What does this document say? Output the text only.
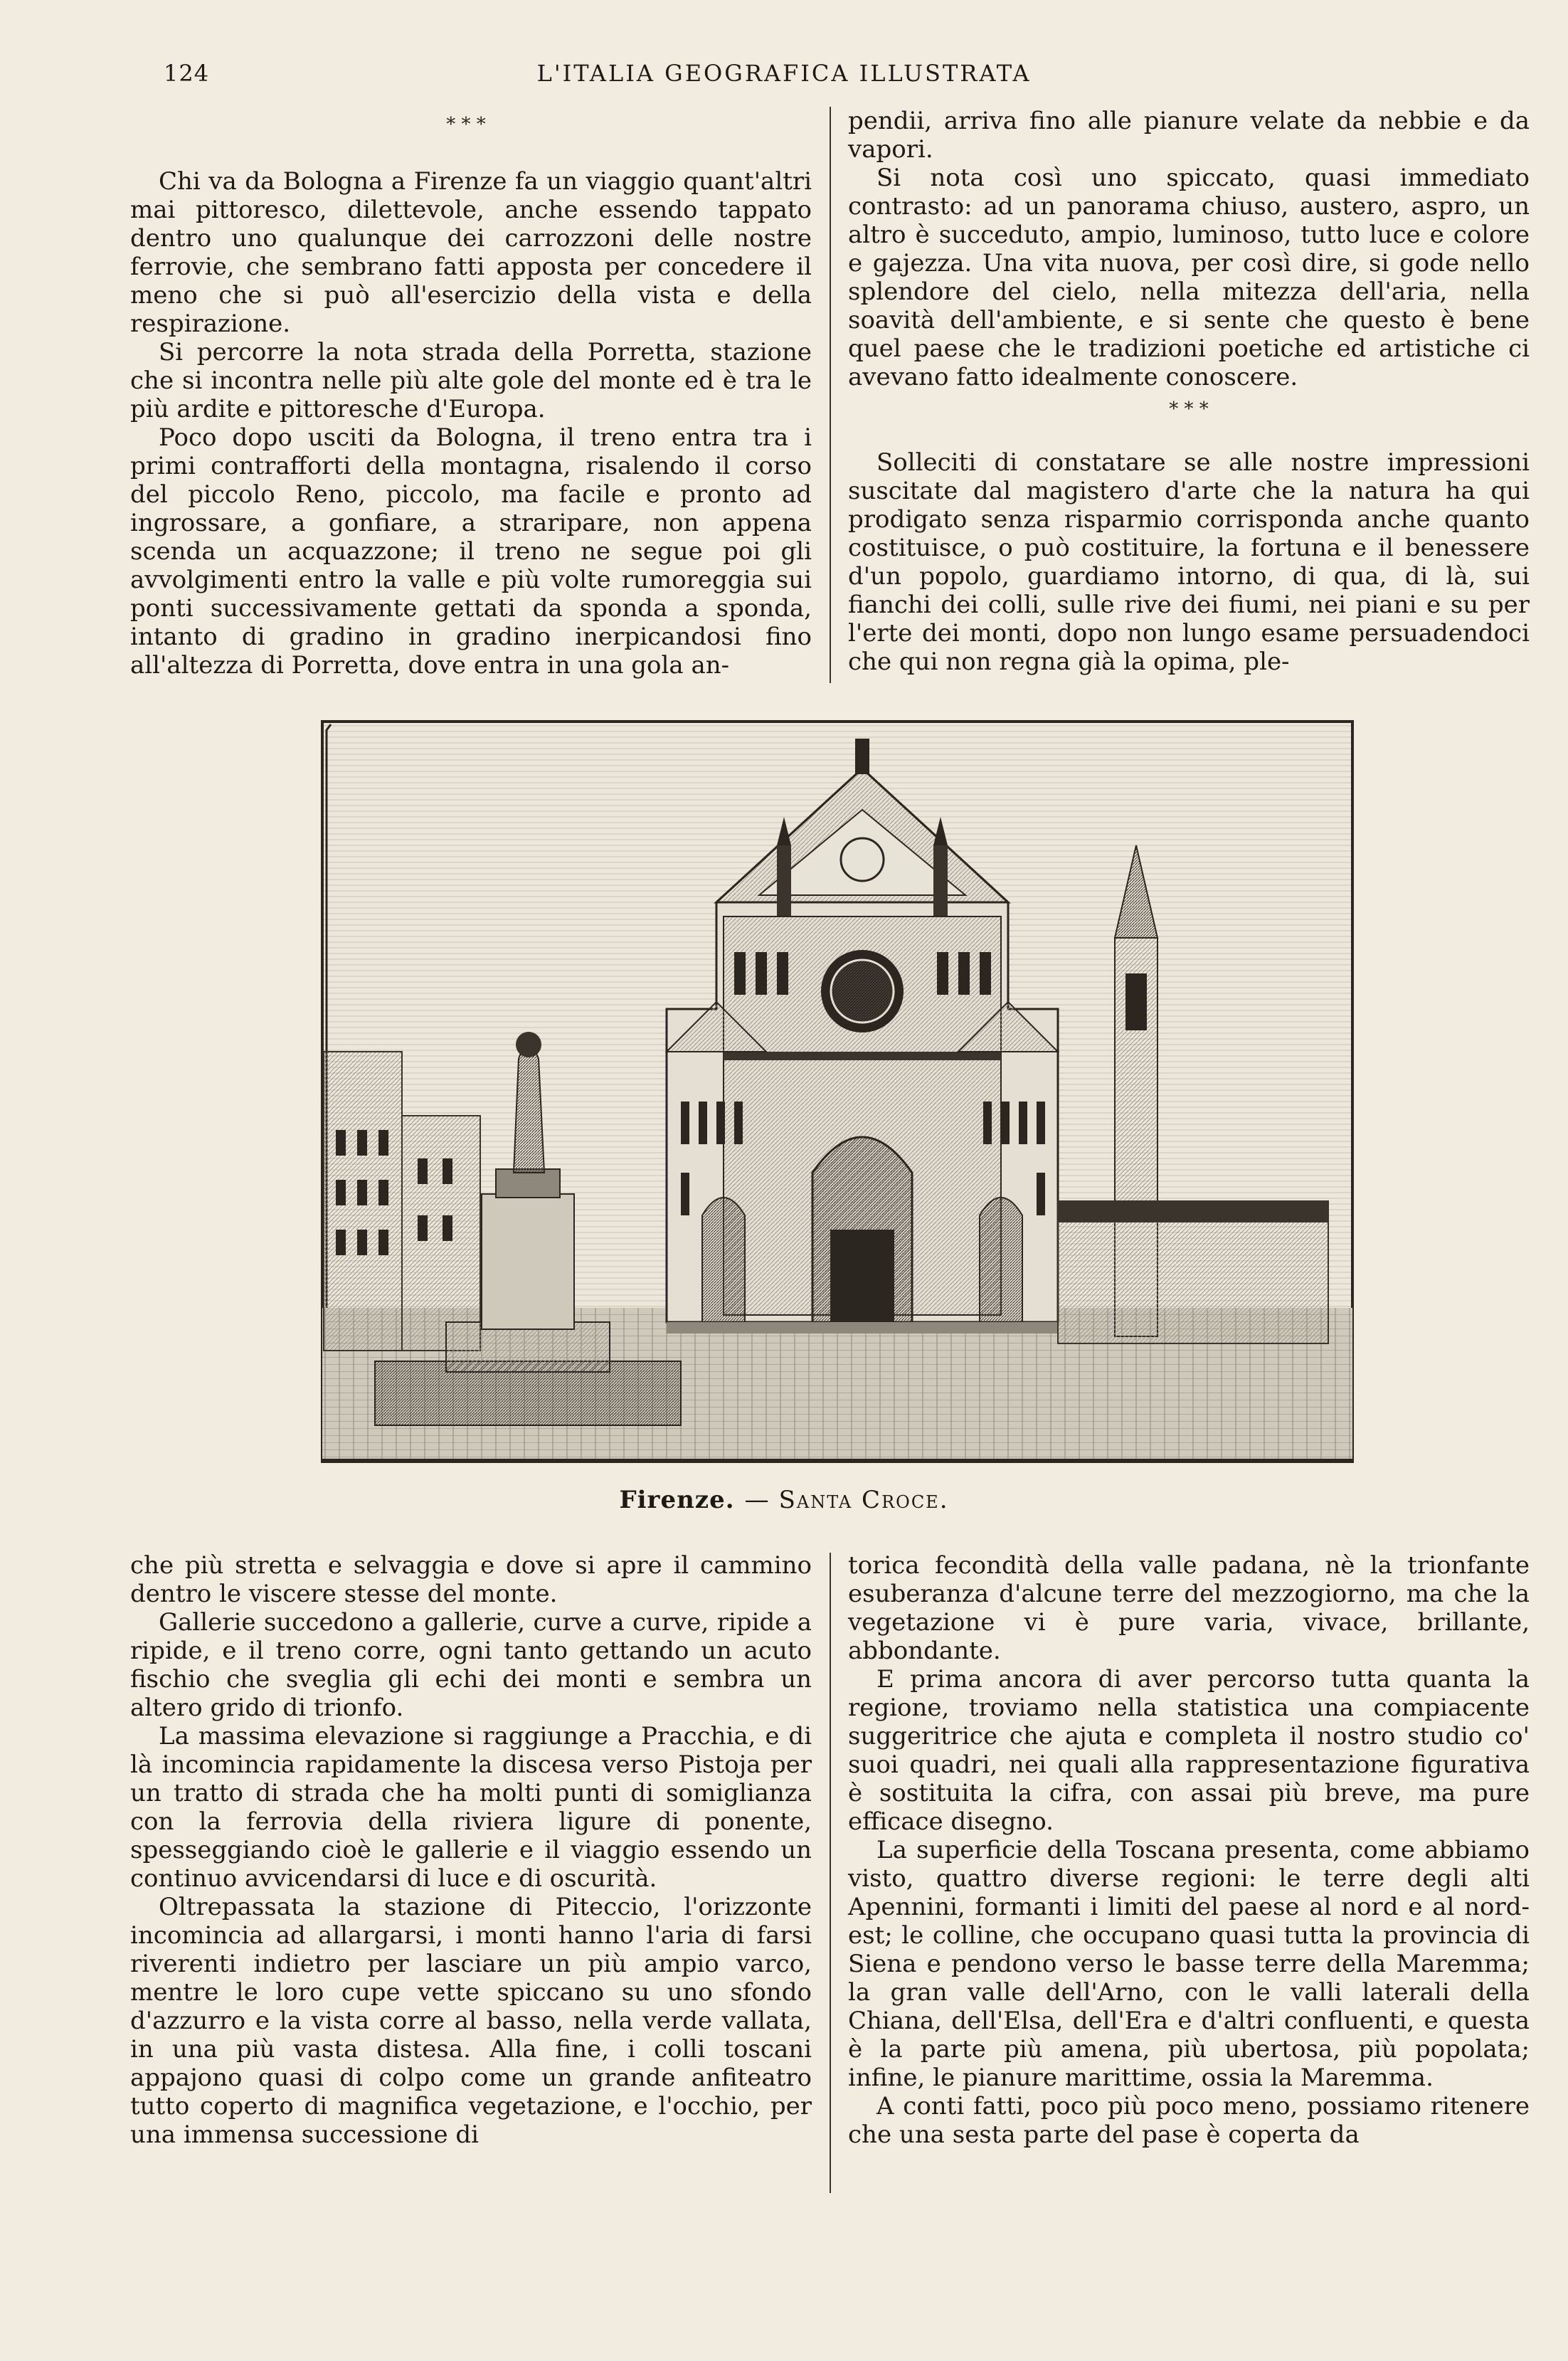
124	L'ITALIA GEOGRAFICA ILLUSTRATA
* * *

Chi va da Bologna a Firenze fa un viaggio quant'altri mai pittoresco, dilettevole, anche essendo tappato dentro uno qualunque dei carrozzoni delle nostre ferrovie, che sembrano fatti apposta per concedere il meno che si può all'esercizio della vista e della respirazione.

Si percorre la nota strada della Porretta, stazione che si incontra nelle più alte gole del monte ed è tra le più ardite e pittoresche d'Europa.

Poco dopo usciti da Bologna, il treno entra tra i primi contrafforti della montagna, risalendo il corso del piccolo Reno, piccolo, ma facile e pronto ad ingrossare, a gonfiare, a straripare, non appena scenda un acquazzone; il treno ne segue poi gli avvolgimenti entro la valle e più volte rumoreggia sui ponti successivamente gettati da sponda a sponda, intanto di gradino in gradino inerpicandosi fino all'altezza di Porretta, dove entra in una gola an-

pendii, arriva fino alle pianure velate da nebbie e da vapori.

Si nota così uno spiccato, quasi immediato contrasto: ad un panorama chiuso, austero, aspro, un altro è succeduto, ampio, luminoso, tutto luce e colore e gajezza. Una vita nuova, per così dire, si gode nello splendore del cielo, nella mitezza dell'aria, nella soavità dell'ambiente, e si sente che questo è bene quel paese che le tradizioni poetiche ed artistiche ci avevano fatto idealmente conoscere.

* * *

Solleciti di constatare se alle nostre impressioni suscitate dal magistero d'arte che la natura ha qui prodigato senza risparmio corrisponda anche quanto costituisce, o può costituire, la fortuna e il benessere d'un popolo, guardiamo intorno, di qua, di là, sui fianchi dei colli, sulle rive dei fiumi, nei piani e su per l'erte dei monti, dopo non lungo esame persuadendoci che qui non regna già la opima, ple-

Firenze. — Santa Croce.

che più stretta e selvaggia e dove si apre il cammino dentro le viscere stesse del monte.

Gallerie succedono a gallerie, curve a curve, ripide a ripide, e il treno corre, ogni tanto gettando un acuto fischio che sveglia gli echi dei monti e sembra un altero grido di trionfo.

La massima elevazione si raggiunge a Pracchia, e di là incomincia rapidamente la discesa verso Pistoja per un tratto di strada che ha molti punti di somiglianza con la ferrovia della riviera ligure di ponente, spesseggiando cioè le gallerie e il viaggio essendo un continuo avvicendarsi di luce e di oscurità.

Oltrepassata la stazione di Piteccio, l'orizzonte incomincia ad allargarsi, i monti hanno l'aria di farsi riverenti indietro per lasciare un più ampio varco, mentre le loro cupe vette spiccano su uno sfondo d'azzurro e la vista corre al basso, nella verde vallata, in una più vasta distesa. Alla fine, i colli toscani appajono quasi di colpo come un grande anfiteatro tutto coperto di magnifica vegetazione, e l'occhio, per una immensa successione di

torica fecondità della valle padana, nè la trionfante esuberanza d'alcune terre del mezzogiorno, ma che la vegetazione vi è pure varia, vivace, brillante, abbondante.

E prima ancora di aver percorso tutta quanta la regione, troviamo nella statistica una compiacente suggeritrice che ajuta e completa il nostro studio co' suoi quadri, nei quali alla rappresentazione figurativa è sostituita la cifra, con assai più breve, ma pure efficace disegno.

La superficie della Toscana presenta, come abbiamo visto, quattro diverse regioni: le terre degli alti Apennini, formanti i limiti del paese al nord e al nord-est; le colline, che occupano quasi tutta la provincia di Siena e pendono verso le basse terre della Maremma; la gran valle dell'Arno, con le valli laterali della Chiana, dell'Elsa, dell'Era e d'altri confluenti, e questa è la parte più amena, più ubertosa, più popolata; infine, le pianure marittime, ossia la Maremma.

A conti fatti, poco più poco meno, possiamo ritenere che una sesta parte del pase è coperta da
